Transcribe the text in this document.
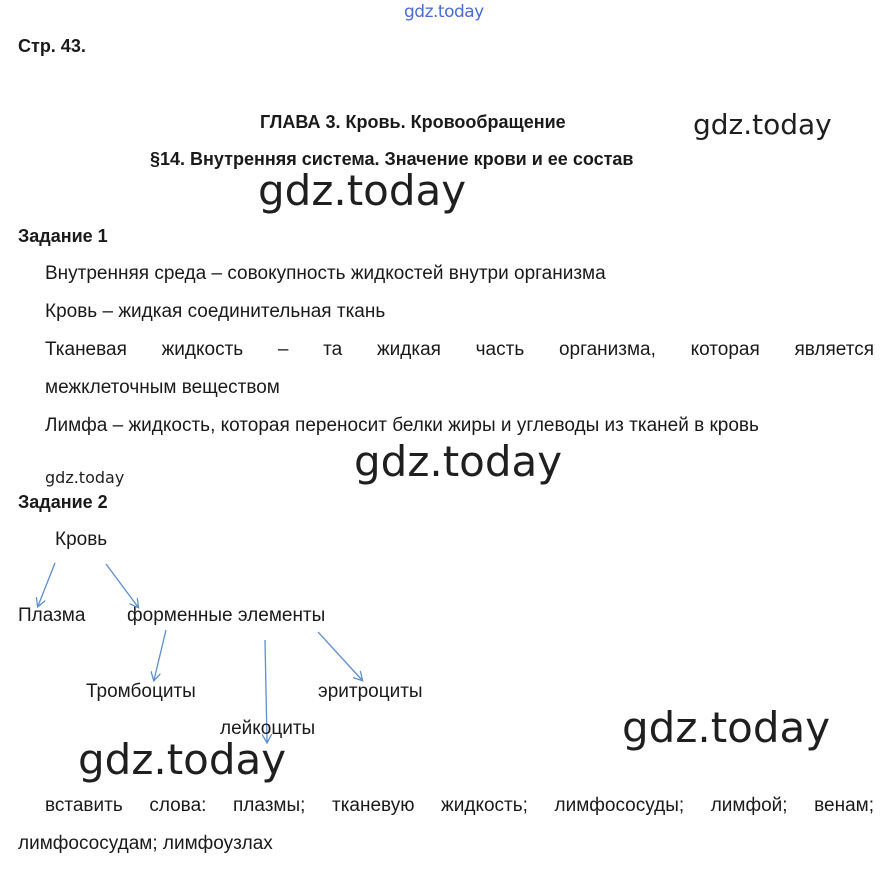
gdz.today
gdz.today
gdz.today
gdz.today
gdz.today
gdz.today
gdz.today
Стр. 43.
ГЛАВА 3. Кровь. Кровообращение
§14. Внутренняя система. Значение крови и ее состав
Задание 1
Внутренняя среда – совокупность жидкостей внутри организма
Кровь – жидкая соединительная ткань
Тканевая жидкость – та жидкая часть организма, которая является
межклеточным веществом
Лимфа – жидкость, которая переносит белки жиры и углеводы из тканей в кровь
Задание 2
Кровь
Плазма форменные элементы
Тромбоциты	эритроциты
лейкоциты
вставить слова: плазмы; тканевую жидкость; лимфососуды; лимфой; венам;
лимфососудам; лимфоузлах
